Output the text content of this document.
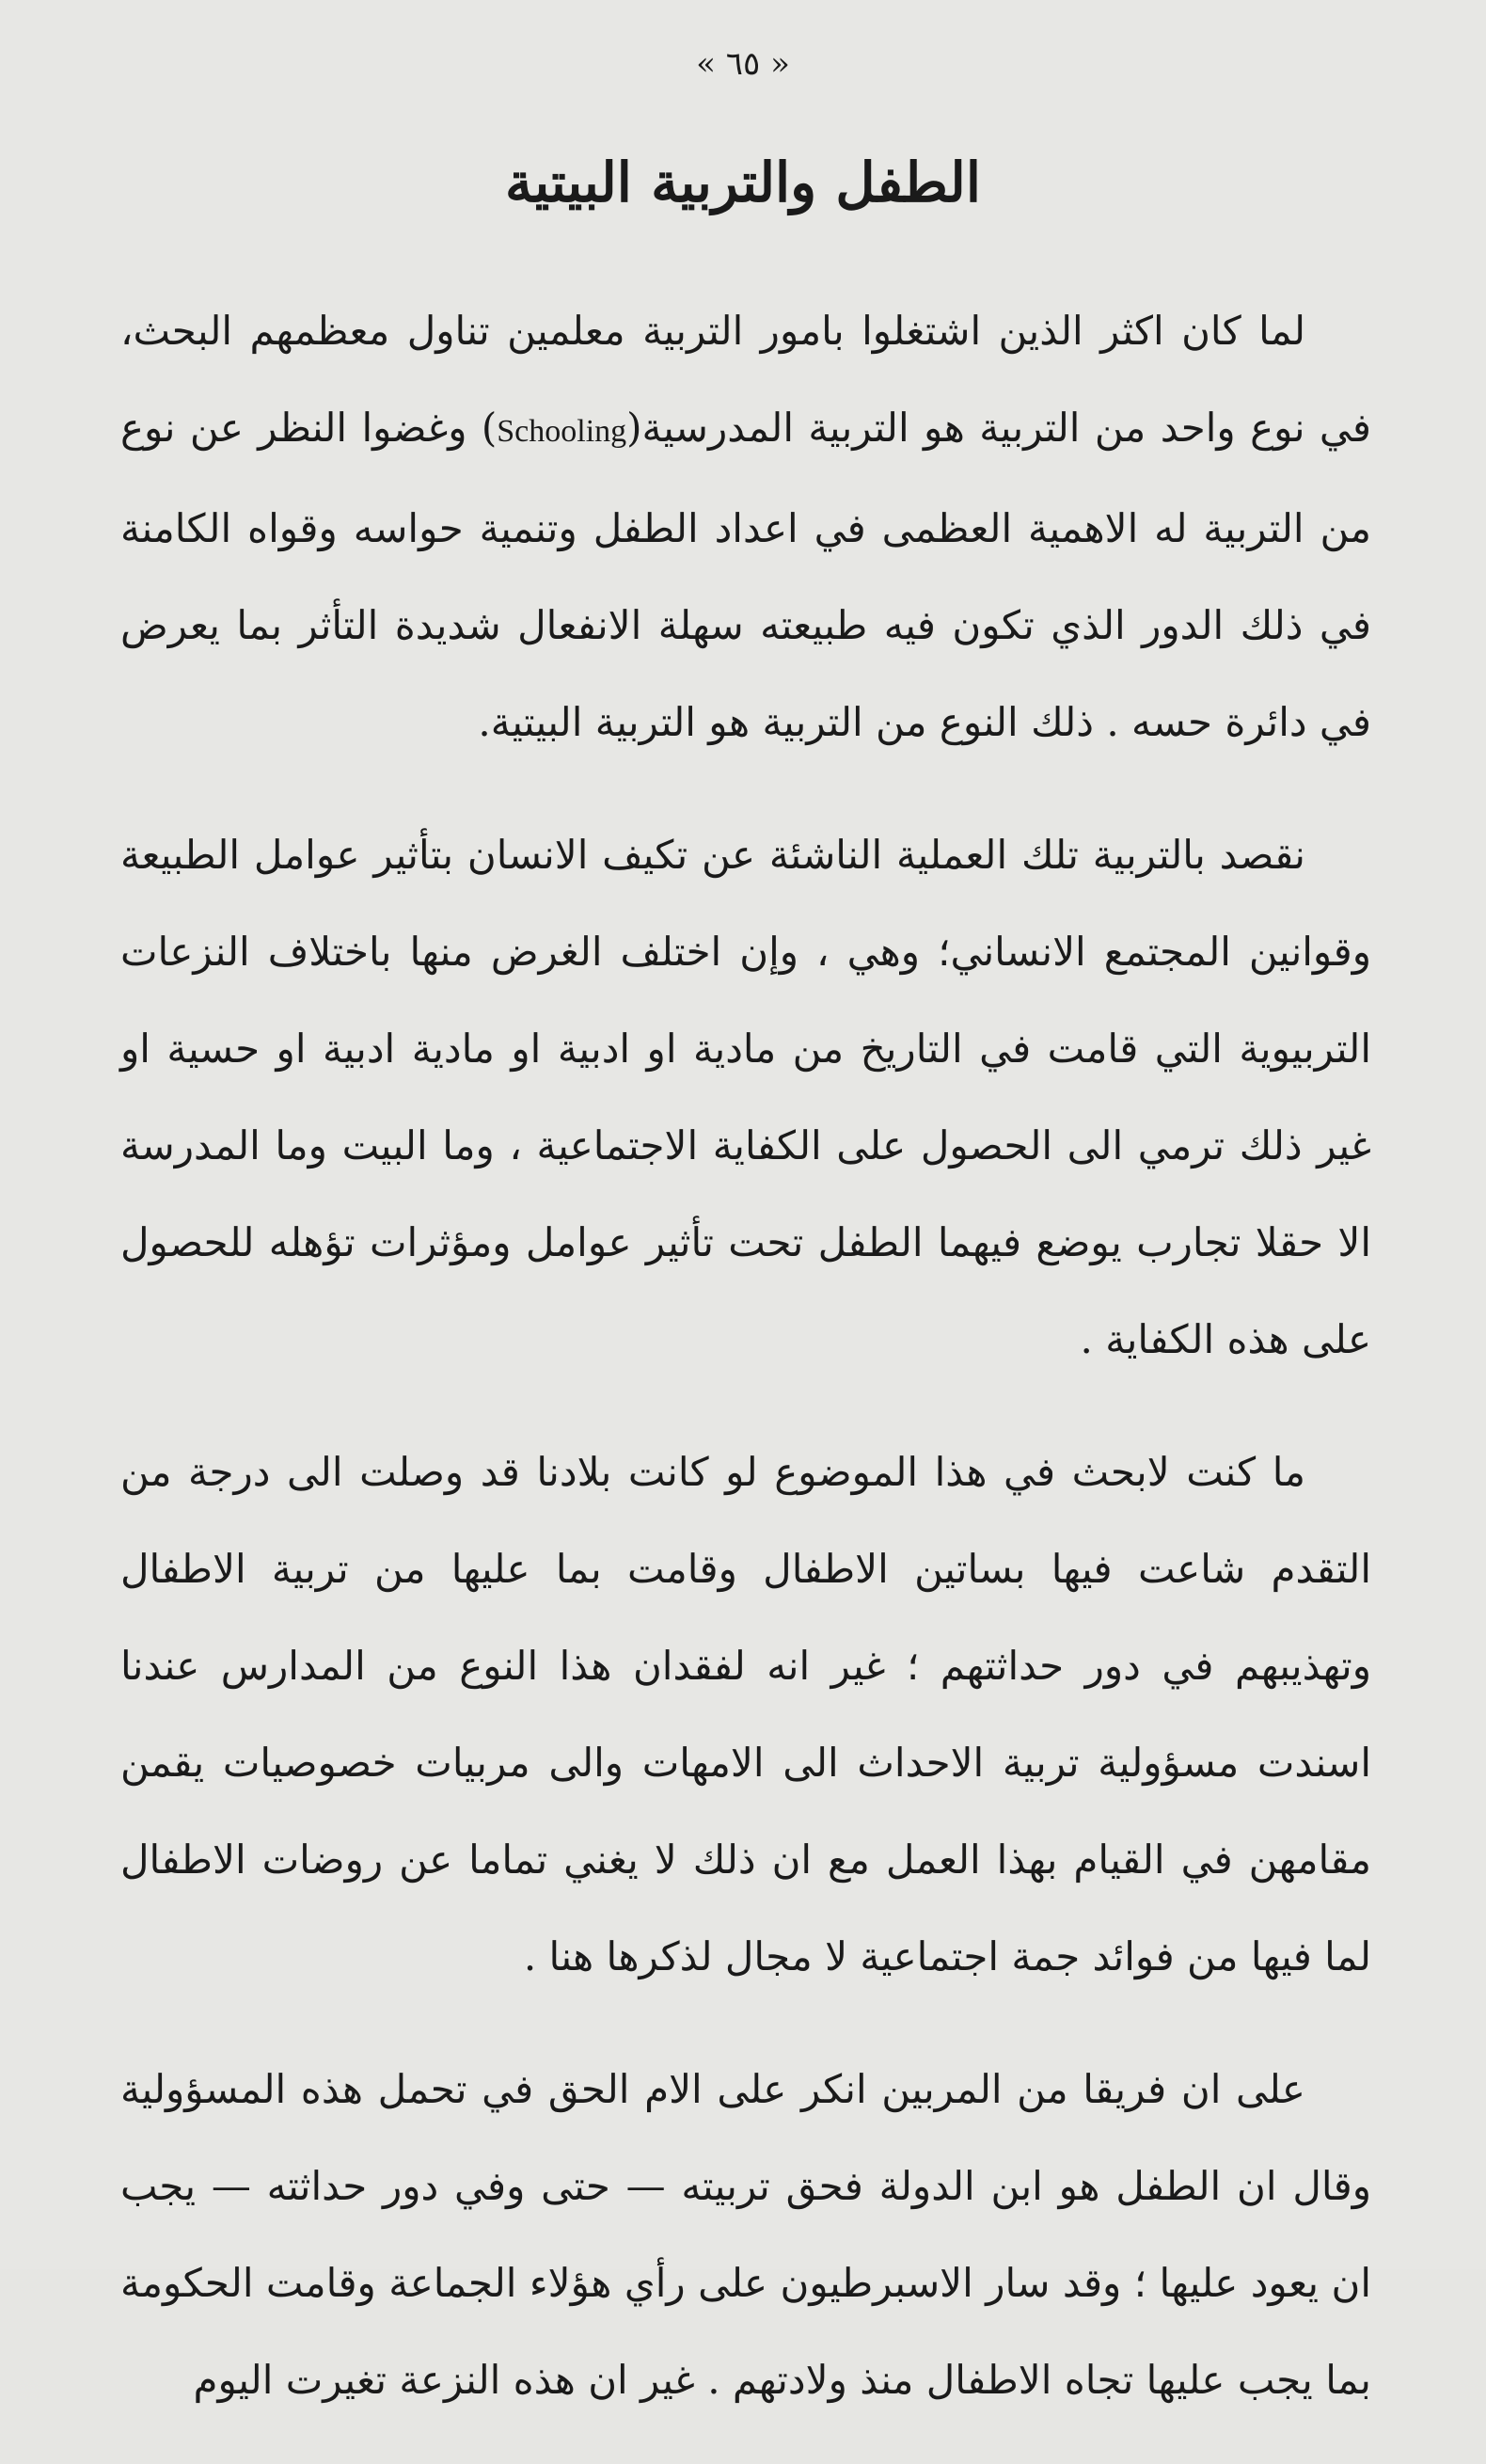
« ٦٥ »
الطفل والتربية البيتية

لما كان اكثر الذين اشتغلوا بامور التربية معلمين تناول معظمهم البحث، في نوع واحد من التربية هو التربية المدرسية(Schooling) وغضوا النظر عن نوع من التربية له الاهمية العظمى في اعداد الطفل وتنمية حواسه وقواه الكامنة في ذلك الدور الذي تكون فيه طبيعته سهلة الانفعال شديدة التأثر بما يعرض في دائرة حسه . ذلك النوع من التربية هو التربية البيتية.

نقصد بالتربية تلك العملية الناشئة عن تكيف الانسان بتأثير عوامل الطبيعة وقوانين المجتمع الانساني؛ وهي ، وإن اختلف الغرض منها باختلاف النزعات التربيوية التي قامت في التاريخ من مادية او ادبية او مادية ادبية او حسية او غير ذلك ترمي الى الحصول على الكفاية الاجتماعية ، وما البيت وما المدرسة الا حقلا تجارب يوضع فيهما الطفل تحت تأثير عوامل ومؤثرات تؤهله للحصول على هذه الكفاية .

ما كنت لابحث في هذا الموضوع لو كانت بلادنا قد وصلت الى درجة من التقدم شاعت فيها بساتين الاطفال وقامت بما عليها من تربية الاطفال وتهذيبهم في دور حداثتهم ؛ غير انه لفقدان هذا النوع من المدارس عندنا اسندت مسؤولية تربية الاحداث الى الامهات والى مربيات خصوصيات يقمن مقامهن في القيام بهذا العمل مع ان ذلك لا يغني تماما عن روضات الاطفال لما فيها من فوائد جمة اجتماعية لا مجال لذكرها هنا .

على ان فريقا من المربين انكر على الام الحق في تحمل هذه المسؤولية وقال ان الطفل هو ابن الدولة فحق تربيته — حتى وفي دور حداثته — يجب ان يعود عليها ؛ وقد سار الاسبرطيون على رأي هؤلاء الجماعة وقامت الحكومة بما يجب عليها تجاه الاطفال منذ ولادتهم . غير ان هذه النزعة تغيرت اليوم
